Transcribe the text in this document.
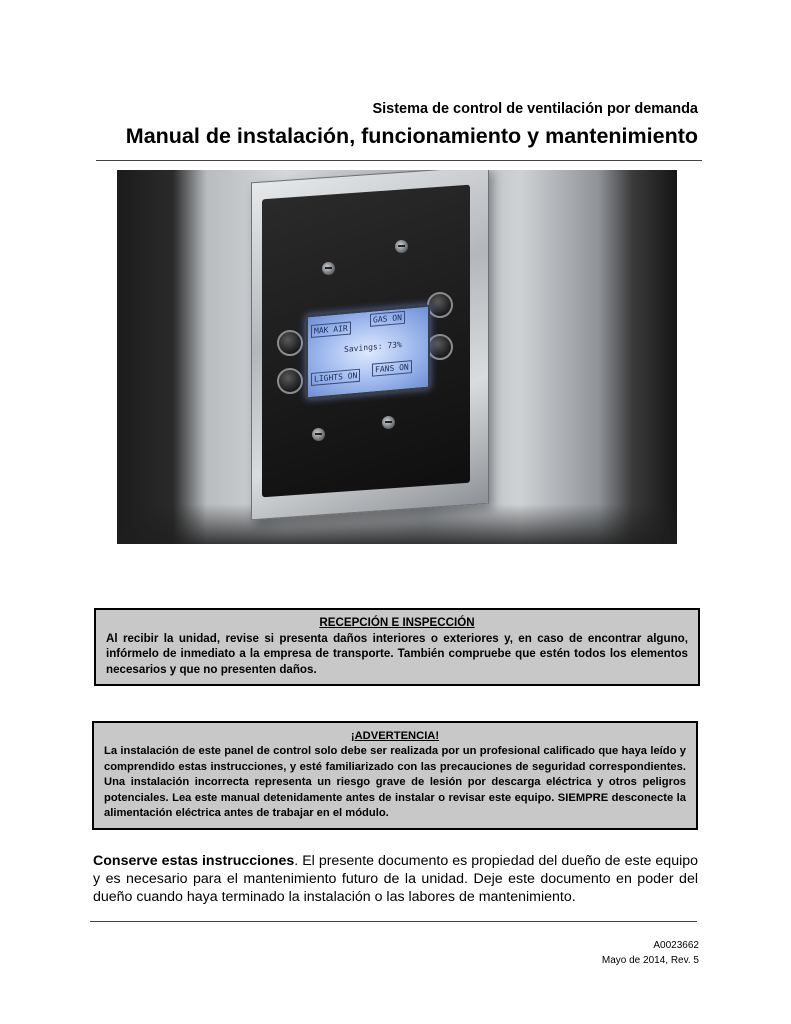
Sistema de control de ventilación por demanda
Manual de instalación, funcionamiento y mantenimiento
MAK AIR
GAS ON
Savings: 73%
LIGHTS ON
FANS ON
RECEPCIÓN E INSPECCIÓN
Al recibir la unidad, revise si presenta daños interiores o exteriores y, en caso de encontrar alguno, infórmelo de inmediato a la empresa de transporte. También compruebe que estén todos los elementos necesarios y que no presenten daños.
¡ADVERTENCIA!
La instalación de este panel de control solo debe ser realizada por un profesional calificado que haya leído y comprendido estas instrucciones, y esté familiarizado con las precauciones de seguridad correspondientes. Una instalación incorrecta representa un riesgo grave de lesión por descarga eléctrica y otros peligros potenciales. Lea este manual detenidamente antes de instalar o revisar este equipo. SIEMPRE desconecte la alimentación eléctrica antes de trabajar en el módulo.
Conserve estas instrucciones. El presente documento es propiedad del dueño de este equipo y es necesario para el mantenimiento futuro de la unidad. Deje este documento en poder del dueño cuando haya terminado la instalación o las labores de mantenimiento.
A0023662
Mayo de 2014, Rev. 5
